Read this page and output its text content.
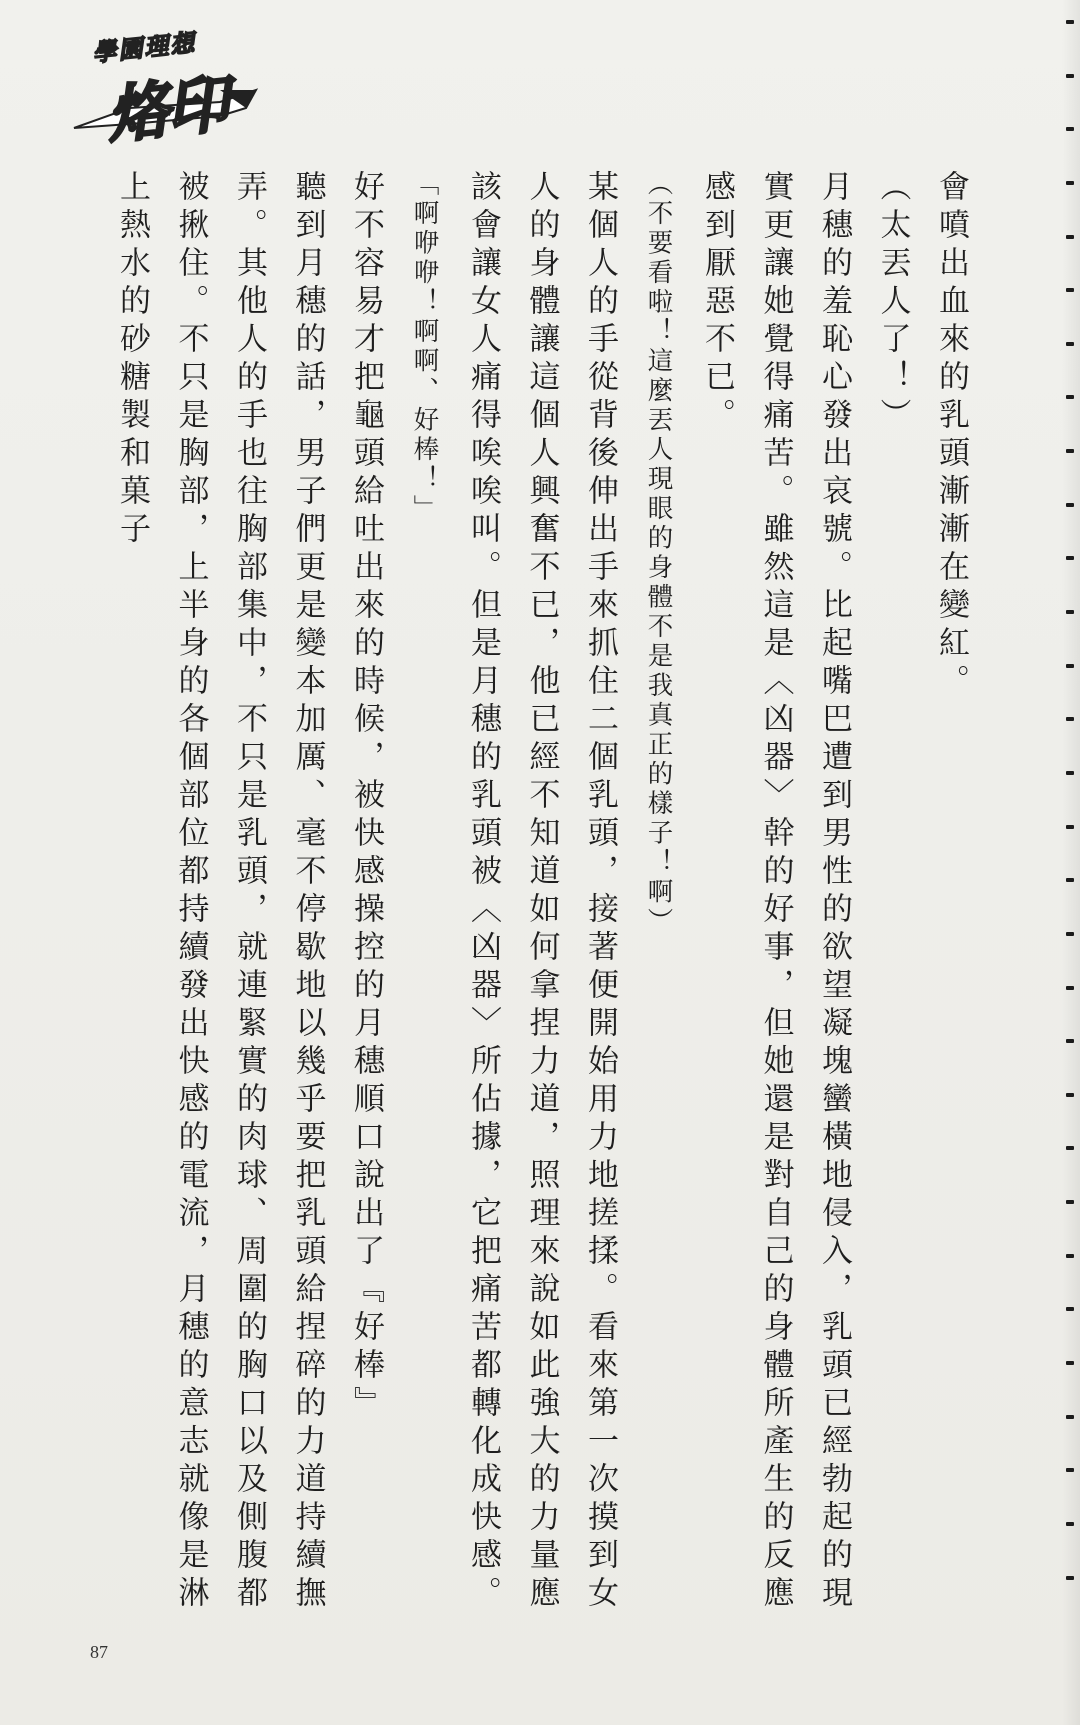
學園理想
烙印

會噴出血來的乳頭漸漸在變紅。

（太丟人了！）

月穗的羞恥心發出哀號。比起嘴巴遭到男性的欲望凝塊蠻橫地侵入，乳頭已經勃起的現實更讓她覺得痛苦。雖然這是〈凶器〉幹的好事，但她還是對自己的身體所產生的反應感到厭惡不已。

（不要看啦！這麼丟人現眼的身體不是我真正的樣子！啊）

某個人的手從背後伸出手來抓住二個乳頭，接著便開始用力地搓揉。看來第一次摸到女人的身體讓這個人興奮不已，他已經不知道如何拿捏力道，照理來說如此強大的力量應該會讓女人痛得唉唉叫。但是月穗的乳頭被〈凶器〉所佔據，它把痛苦都轉化成快感。

「啊咿咿！啊啊、好棒！」

好不容易才把龜頭給吐出來的時候，被快感操控的月穗順口說出了『好棒』

聽到月穗的話，男子們更是變本加厲、毫不停歇地以幾乎要把乳頭給捏碎的力道持續撫弄。其他人的手也往胸部集中，不只是乳頭，就連緊實的肉球、周圍的胸口以及側腹都被揪住。不只是胸部，上半身的各個部位都持續發出快感的電流，月穗的意志就像是淋上熱水的砂糖製和菓子

87
